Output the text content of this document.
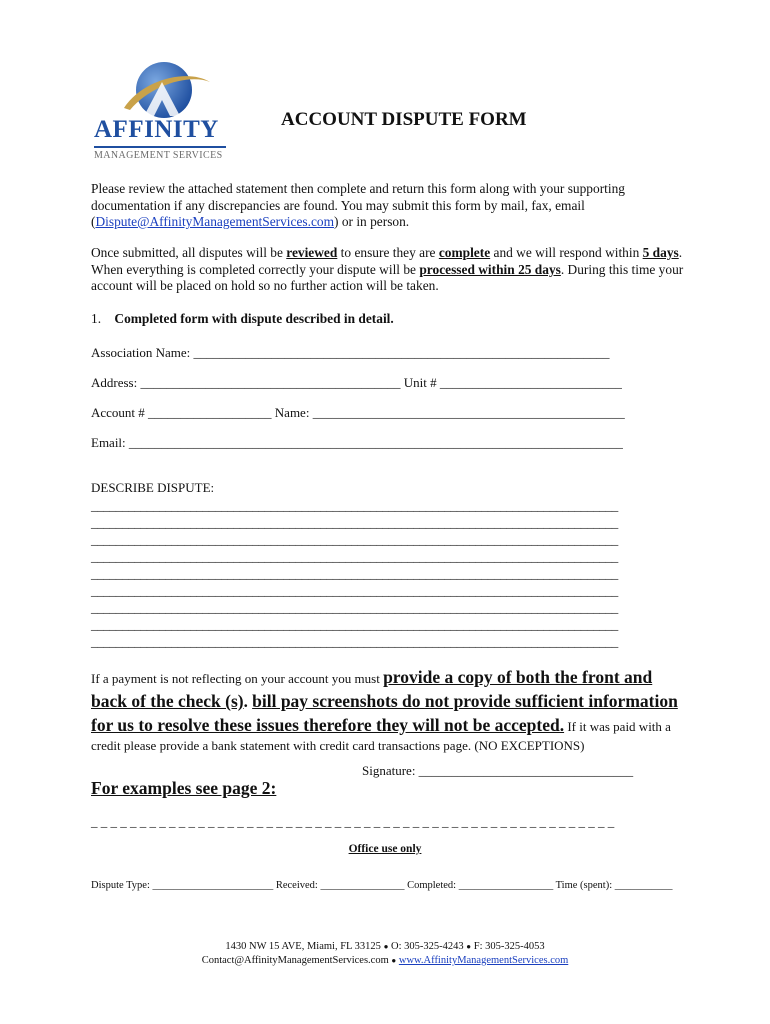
AFFINITY
MANAGEMENT SERVICES
ACCOUNT DISPUTE FORM
Please review the attached statement then complete and return this form along with your supporting documentation if any discrepancies are found. You may submit this form by mail, fax, email (Dispute@AffinityManagementServices.com) or in person.
Once submitted, all disputes will be reviewed to ensure they are complete and we will respond within 5 days. When everything is completed correctly your dispute will be processed within 25 days. During this time your account will be placed on hold so no further action will be taken.
1. Completed form with dispute described in detail.
Association Name: ________________________________________________________________
Address: ________________________________________ Unit # ____________________________
Account # ___________________ Name: ________________________________________________
Email: ____________________________________________________________________________
DESCRIBE DISPUTE:
_____________________________________________________________________________________
_____________________________________________________________________________________
_____________________________________________________________________________________
_____________________________________________________________________________________
_____________________________________________________________________________________
_____________________________________________________________________________________
_____________________________________________________________________________________
_____________________________________________________________________________________
_____________________________________________________________________________________
If a payment is not reflecting on your account you must provide a copy of both the front and
back of the check (s). bill pay screenshots do not provide sufficient information
for us to resolve these issues therefore they will not be accepted. If it was paid with a
credit please provide a bank statement with credit card transactions page. (NO EXCEPTIONS)
Signature: _________________________________
For examples see page 2:
_ _ _ _ _ _ _ _ _ _ _ _ _ _ _ _ _ _ _ _ _ _ _ _ _ _ _ _ _ _ _ _ _ _ _ _ _ _ _ _ _ _ _ _ _ _ _ _ _ _ _ _ _ _
Office use only
Dispute Type: _______________________ Received: ________________ Completed: __________________ Time (spent): ___________
1430 NW 15 AVE, Miami, FL 33125 ● O: 305-325-4243 ● F: 305-325-4053
Contact@AffinityManagementServices.com ● www.AffinityManagementServices.com
